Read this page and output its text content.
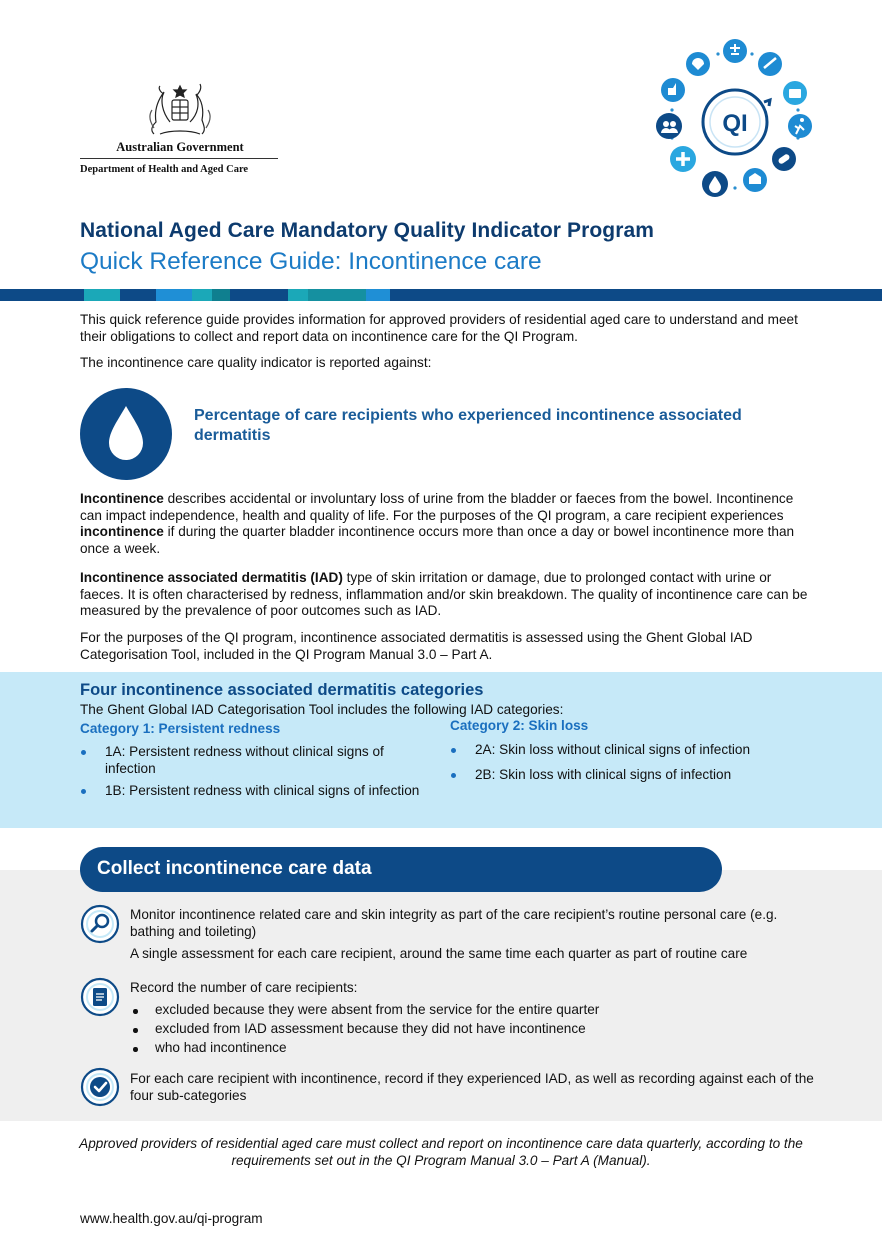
Australian Government
Department of Health and Aged Care
QI
National Aged Care Mandatory Quality Indicator Program
Quick Reference Guide: Incontinence care

This quick reference guide provides information for approved providers of residential aged care to understand and meet their obligations to collect and report data on incontinence care for the QI Program.

The incontinence care quality indicator is reported against:

Percentage of care recipients who experienced incontinence associated dermatitis

Incontinence describes accidental or involuntary loss of urine from the bladder or faeces from the bowel. Incontinence can impact independence, health and quality of life. For the purposes of the QI program, a care recipient experiences incontinence if during the quarter bladder incontinence occurs more than once a day or bowel incontinence more than once a week.

Incontinence associated dermatitis (IAD) type of skin irritation or damage, due to prolonged contact with urine or faeces. It is often characterised by redness, inflammation and/or skin breakdown. The quality of incontinence care can be measured by the prevalence of poor outcomes such as IAD.

For the purposes of the QI program, incontinence associated dermatitis is assessed using the Ghent Global IAD Categorisation Tool, included in the QI Program Manual 3.0 – Part A.

Four incontinence associated dermatitis categories
The Ghent Global IAD Categorisation Tool includes the following IAD categories:
Category 1: Persistent redness	Category 2: Skin loss
1A: Persistent redness without clinical signs of infection
1B: Persistent redness with clinical signs of infection
2A: Skin loss without clinical signs of infection
2B: Skin loss with clinical signs of infection
Collect incontinence care data

Monitor incontinence related care and skin integrity as part of the care recipient’s routine personal care (e.g. bathing and toileting)

A single assessment for each care recipient, around the same time each quarter as part of routine care

Record the number of care recipients:

excluded because they were absent from the service for the entire quarter
excluded from IAD assessment because they did not have incontinence
who had incontinence

For each care recipient with incontinence, record if they experienced IAD, as well as recording against each of the four sub-categories

Approved providers of residential aged care must collect and report on incontinence care data quarterly, according to the requirements set out in the QI Program Manual 3.0 – Part A (Manual).

www.health.gov.au/qi-program
